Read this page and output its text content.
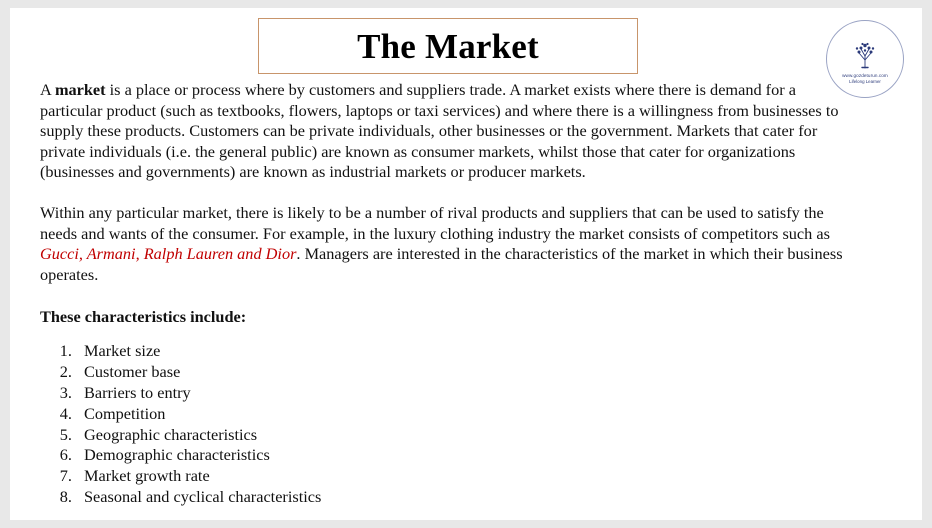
The Market
www.gozdeturun.com
Lifelong Learner

A market is a place or process where by customers and suppliers trade. A market exists where there is demand for a particular product (such as textbooks, flowers, laptops or taxi services) and where there is a willingness from businesses to supply these products. Customers can be private individuals, other businesses or the government. Markets that cater for private individuals (i.e. the general public) are known as consumer markets, whilst those that cater for organizations (businesses and governments) are known as industrial markets or producer markets.

Within any particular market, there is likely to be a number of rival products and suppliers that can be used to satisfy the needs and wants of the consumer. For example, in the luxury clothing industry the market consists of competitors such as Gucci, Armani, Ralph Lauren and Dior. Managers are interested in the characteristics of the market in which their business operates.

These characteristics include:
1. Market size
2. Customer base
3. Barriers to entry
4. Competition
5. Geographic characteristics
6. Demographic characteristics
7. Market growth rate
8. Seasonal and cyclical characteristics
